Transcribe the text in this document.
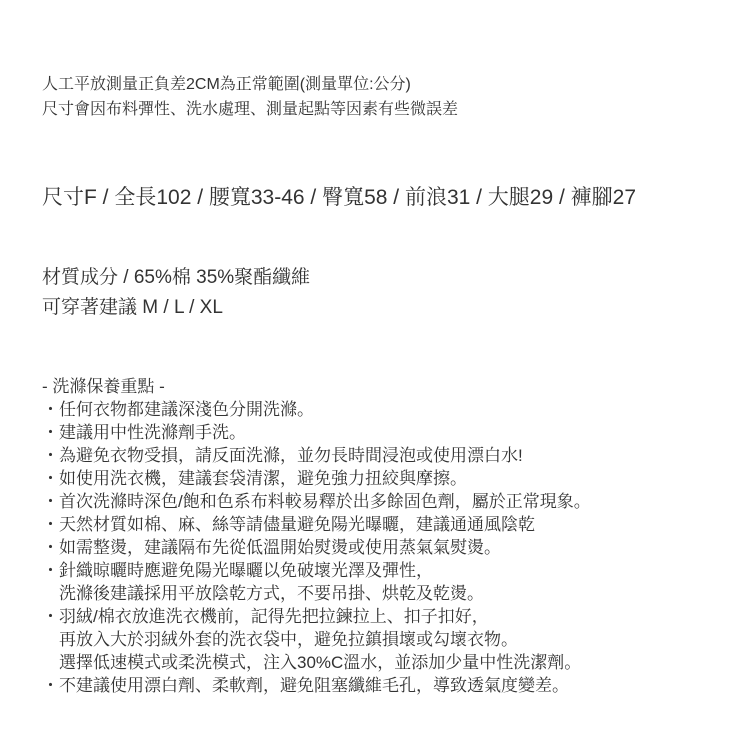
人工平放測量正負差2CM為正常範圍(測量單位:公分)
尺寸會因布料彈性、洗水處理、測量起點等因素有些微誤差
尺寸F / 全長102 / 腰寬33-46 / 臀寬58 / 前浪31 / 大腿29 / 褲腳27
材質成分 / 65%棉 35%聚酯纖維
可穿著建議 M / L / XL
- 洗滌保養重點 -
・任何衣物都建議深淺色分開洗滌。
・建議用中性洗滌劑手洗。
・為避免衣物受損，請反面洗滌，並勿長時間浸泡或使用漂白水!
・如使用洗衣機，建議套袋清潔，避免強力扭絞與摩擦。
・首次洗滌時深色/飽和色系布料較易釋於出多餘固色劑，屬於正常現象。
・天然材質如棉、麻、絲等請儘量避免陽光曝曬，建議通通風陰乾
・如需整燙，建議隔布先從低溫開始熨燙或使用蒸氣氣熨燙。
・針織晾曬時應避免陽光曝曬以免破壞光澤及彈性，
洗滌後建議採用平放陰乾方式，不要吊掛、烘乾及乾燙。
・羽絨/棉衣放進洗衣機前，記得先把拉鍊拉上、扣子扣好，
再放入大於羽絨外套的洗衣袋中，避免拉鎮損壞或勾壞衣物。
選擇低速模式或柔洗模式，注入30%C溫水，並添加少量中性洗潔劑。
・不建議使用漂白劑、柔軟劑，避免阻塞纖維毛孔，導致透氣度變差。
